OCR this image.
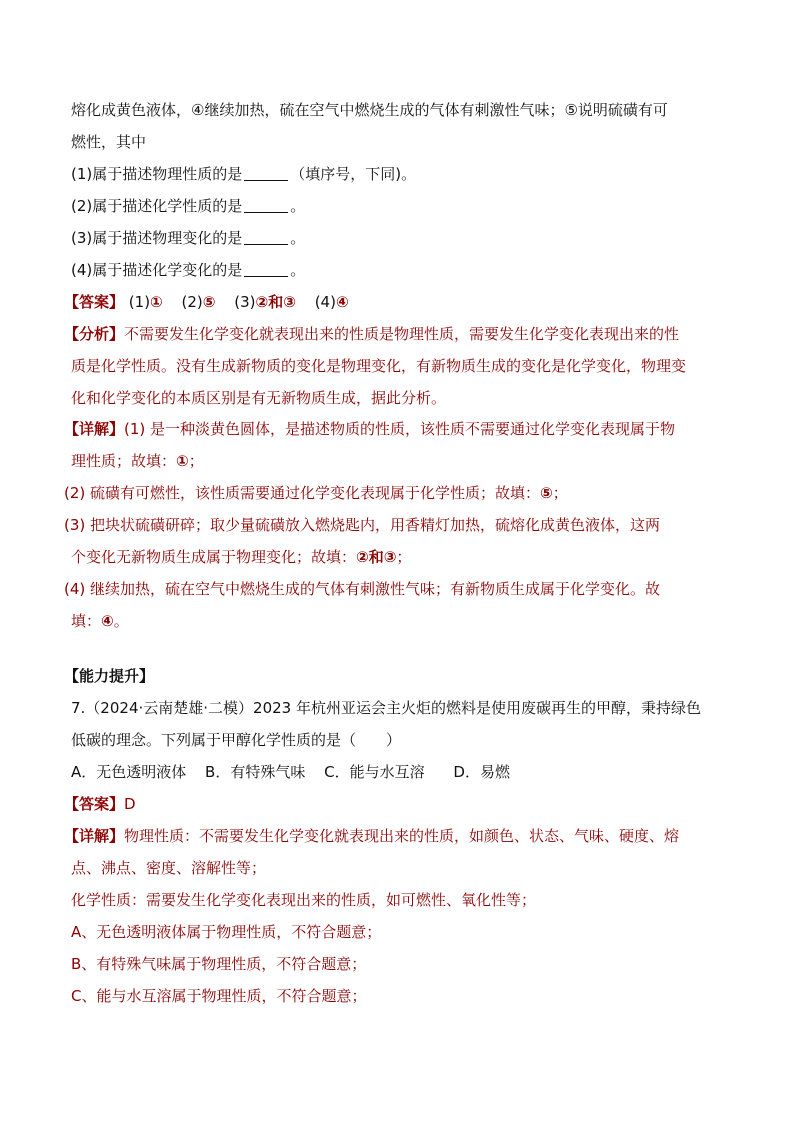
熔化成黄色液体，④继续加热，硫在空气中燃烧生成的气体有刺激性气味；⑤说明硫磺有可
燃性，其中
(1)属于描述物理性质的是	（填序号，下同)。
(2)属于描述化学性质的是	。
(3)属于描述物理变化的是	。
(4)属于描述化学变化的是	。
【答案】 (1)① (2)⑤ (3)②和③ (4)④
【分析】不需要发生化学变化就表现出来的性质是物理性质，需要发生化学变化表现出来的性
质是化学性质。没有生成新物质的变化是物理变化，有新物质生成的变化是化学变化，物理变
化和化学变化的本质区别是有无新物质生成，据此分析。
【详解】(1) 是一种淡黄色圆体，是描述物质的性质，该性质不需要通过化学变化表现属于物
理性质；故填：①；
(2) 硫磺有可燃性，该性质需要通过化学变化表现属于化学性质；故填：⑤；
(3) 把块状硫磺研碎；取少量硫磺放入燃烧匙内，用香精灯加热，硫熔化成黄色液体，这两
个变化无新物质生成属于物理变化；故填：②和③；
(4) 继续加热，硫在空气中燃烧生成的气体有刺激性气味；有新物质生成属于化学变化。故
填：④。
【能力提升】
7.（2024·云南楚雄·二模）2023 年杭州亚运会主火炬的燃料是使用废碳再生的甲醇，秉持绿色
低碳的理念。下列属于甲醇化学性质的是（　　）
A．无色透明液体 B．有特殊气味 C．能与水互溶 D．易燃
【答案】D
【详解】物理性质：不需要发生化学变化就表现出来的性质，如颜色、状态、气味、硬度、熔
点、沸点、密度、溶解性等；
化学性质：需要发生化学变化表现出来的性质，如可燃性、氧化性等；
A、无色透明液体属于物理性质，不符合题意；
B、有特殊气味属于物理性质，不符合题意；
C、能与水互溶属于物理性质，不符合题意；
